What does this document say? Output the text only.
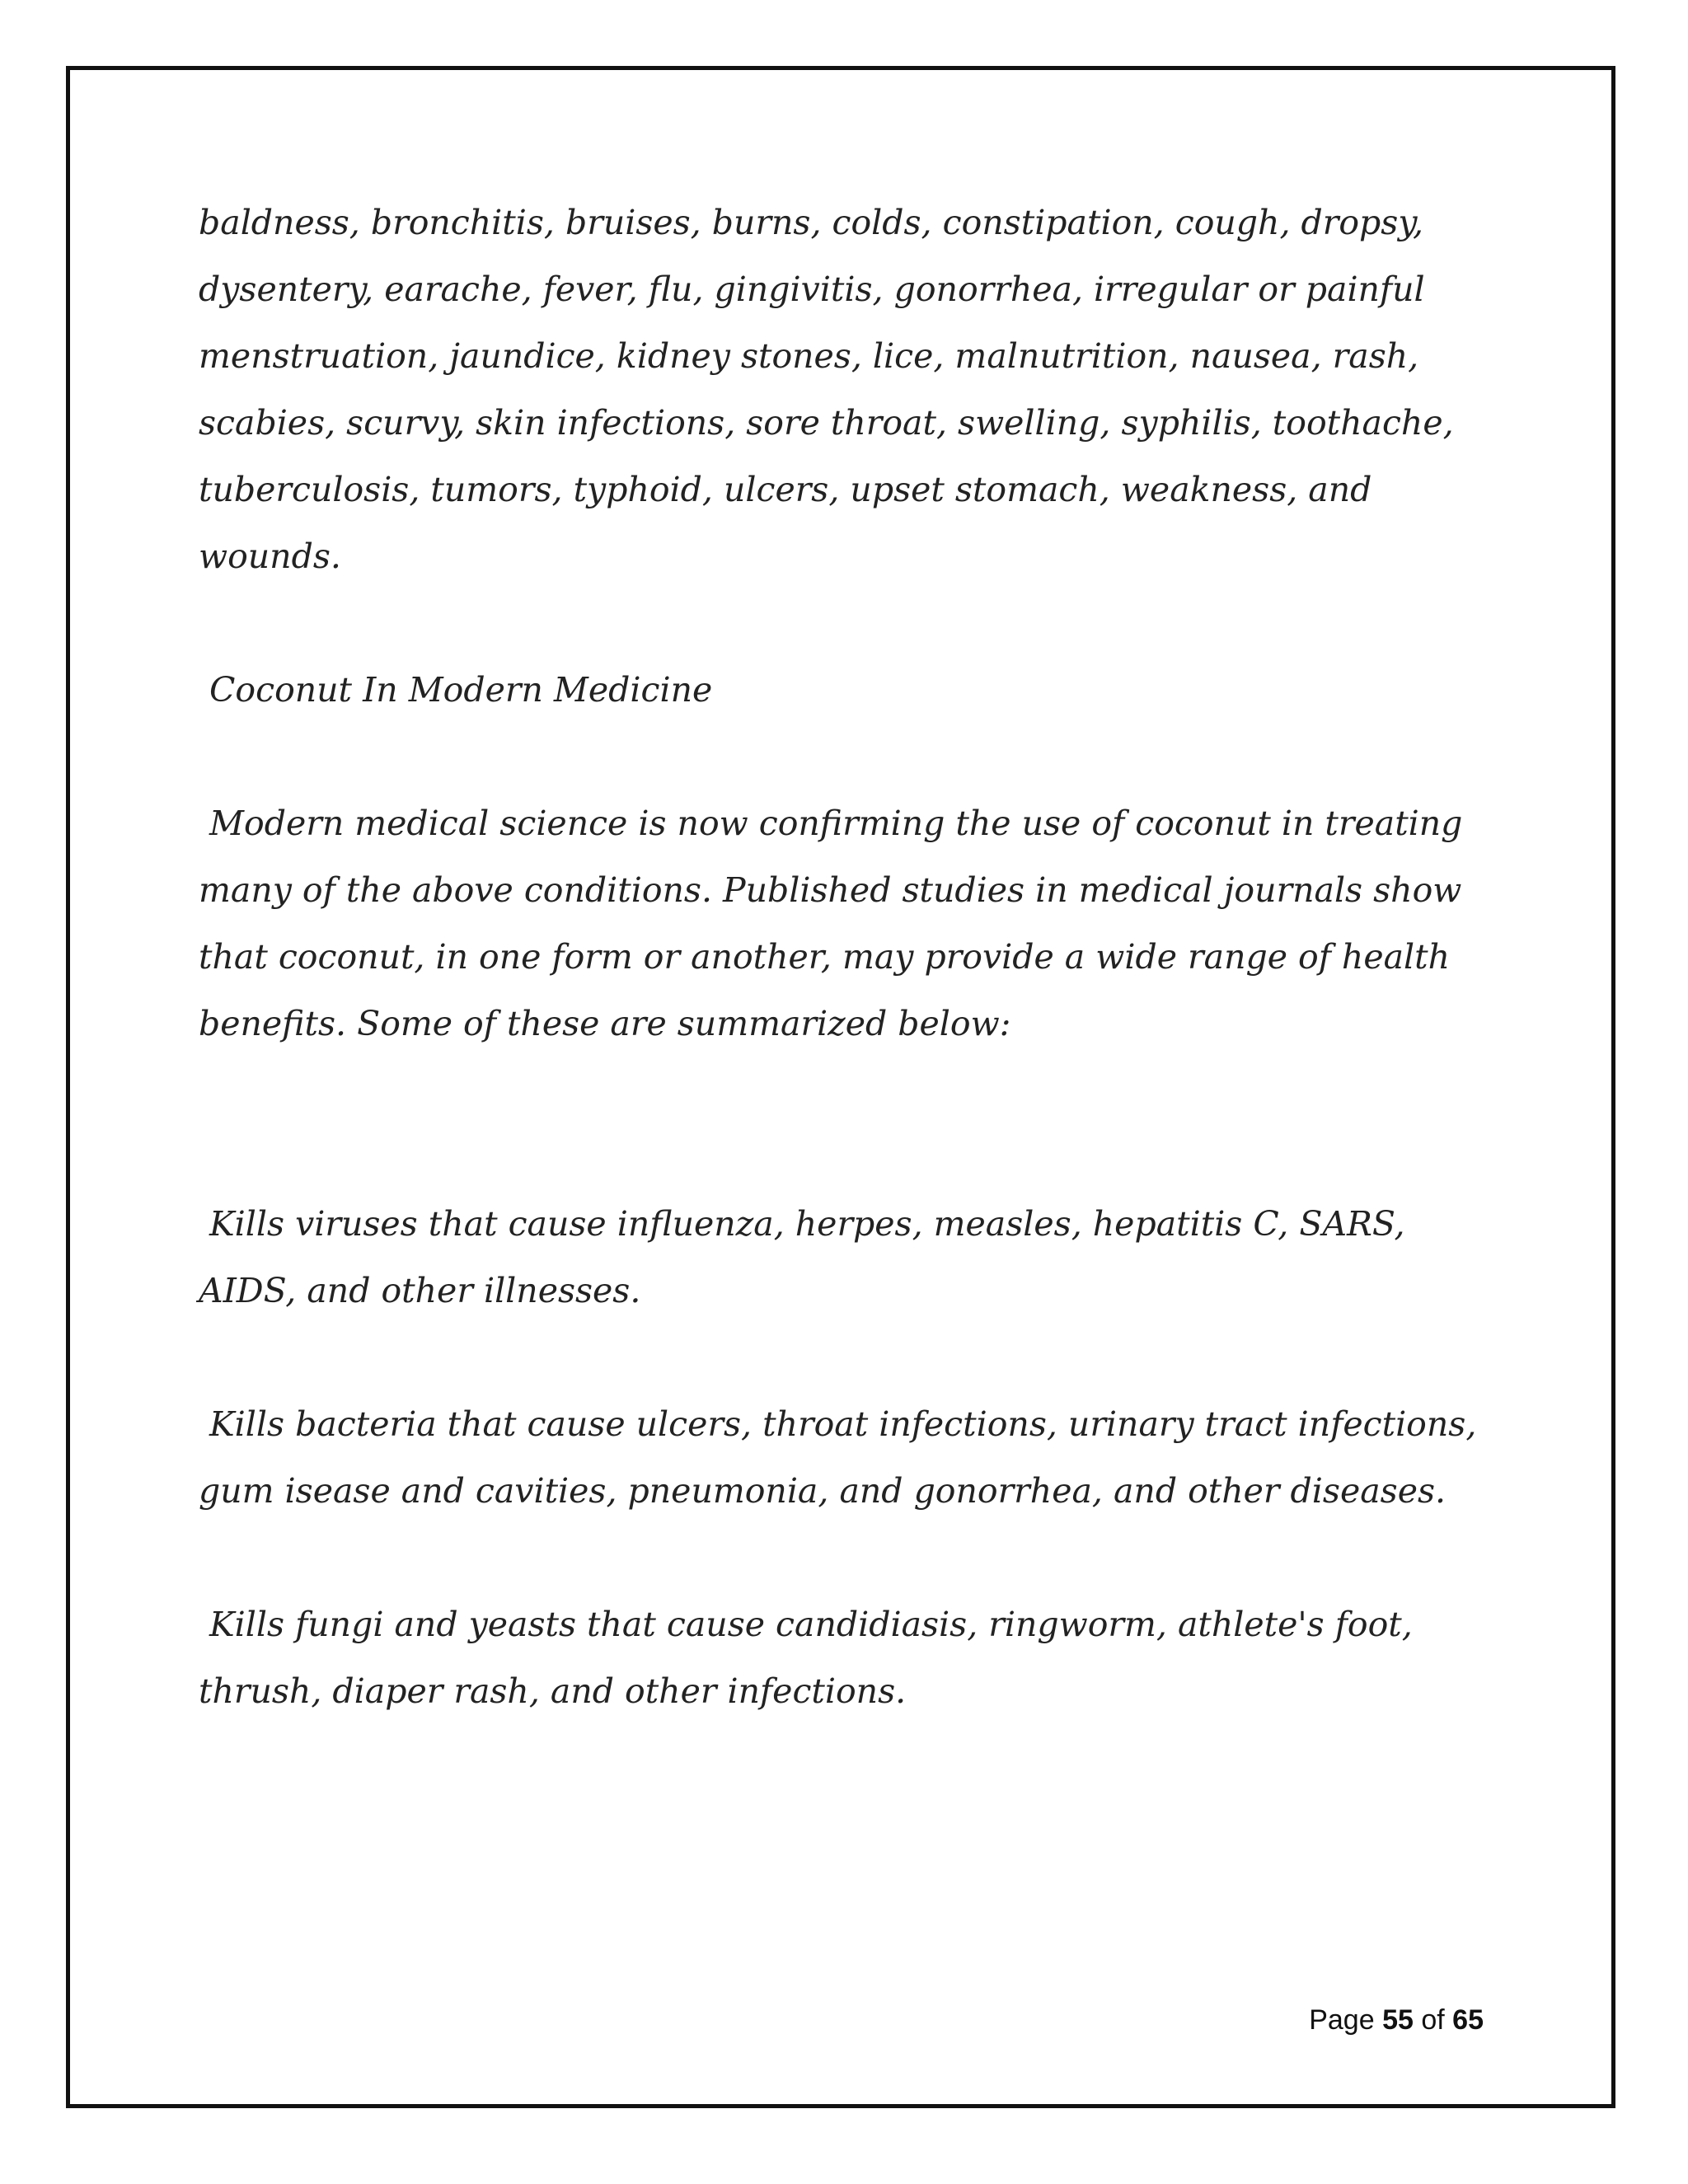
baldness, bronchitis, bruises, burns, colds, constipation, cough, dropsy, dysentery, earache, fever, flu, gingivitis, gonorrhea, irregular or painful menstruation, jaundice, kidney stones, lice, malnutrition, nausea, rash, scabies, scurvy, skin infections, sore throat, swelling, syphilis, toothache, tuberculosis, tumors, typhoid, ulcers, upset stomach, weakness, and wounds.

Coconut In Modern Medicine

Modern medical science is now confirming the use of coconut in treating many of the above conditions. Published studies in medical journals show that coconut, in one form or another, may provide a wide range of health benefits. Some of these are summarized below:

Kills viruses that cause influenza, herpes, measles, hepatitis C, SARS, AIDS, and other illnesses.

Kills bacteria that cause ulcers, throat infections, urinary tract infections, gum isease and cavities, pneumonia, and gonorrhea, and other diseases.

Kills fungi and yeasts that cause candidiasis, ringworm, athlete's foot, thrush, diaper rash, and other infections.

Page 55 of 65
